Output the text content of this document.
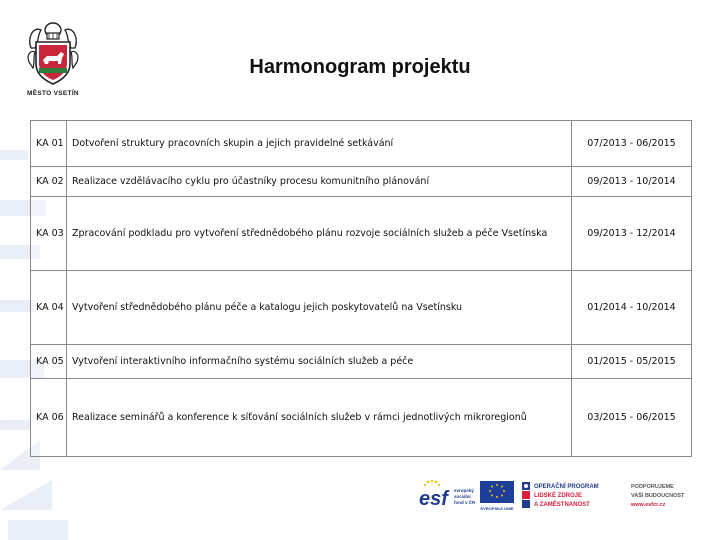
MĚSTO VSETÍN
Harmonogram projektu
KA 01	Dotvoření struktury pracovních skupin a jejich pravidelné setkávání	07/2013 - 06/2015
KA 02	Realizace vzdělávacího cyklu pro účastníky procesu komunitního plánování	09/2013 - 10/2014
KA 03	Zpracování podkladu pro vytvoření střednědobého plánu rozvoje sociálních služeb a péče Vsetínska	09/2013 - 12/2014
KA 04	Vytvoření střednědobého plánu péče a katalogu jejich poskytovatelů na Vsetínsku	01/2014 - 10/2014
KA 05	Vytvoření interaktivního informačního systému sociálních služeb a péče	01/2015 - 05/2015
KA 06	Realizace seminářů a konference k síťování sociálních služeb v rámci jednotlivých mikroregionů	03/2015 - 06/2015
esf	evropský
sociální
fond v ČR
EVROPSKÁ UNIE
OPERAČNÍ PROGRAM
LIDSKÉ ZDROJE
A ZAMĚSTNANOST
PODPORUJEME
VAŠI BUDOUCNOST
www.esfcr.cz
